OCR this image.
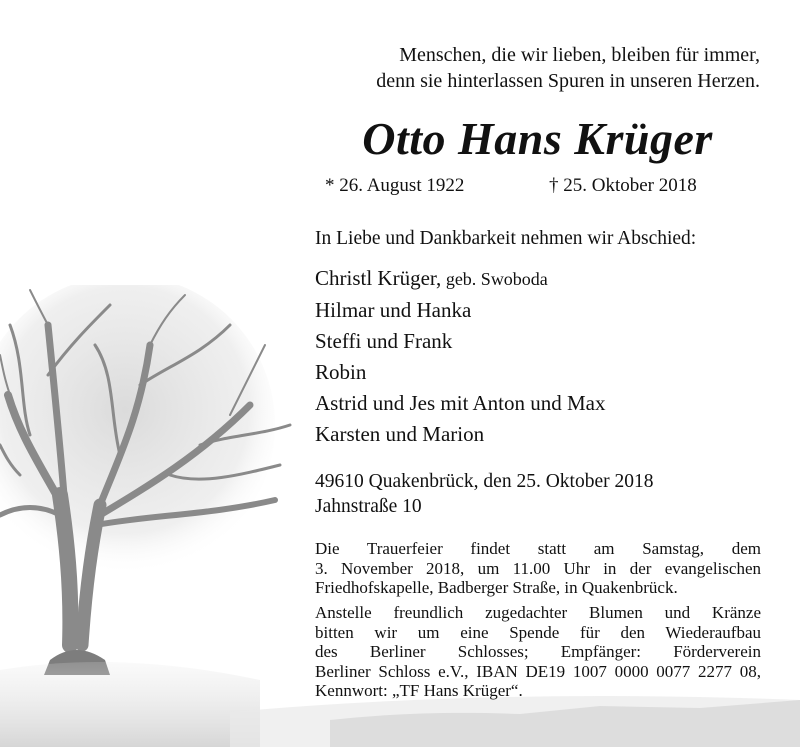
Menschen, die wir lieben, bleiben für immer,
denn sie hinterlassen Spuren in unseren Herzen.

Otto Hans Krüger

* 26. August 1922	† 25. Oktober 2018

In Liebe und Dankbarkeit nehmen wir Abschied:

Christl Krüger, geb. Swoboda
Hilmar und Hanka
Steffi und Frank
Robin
Astrid und Jes mit Anton und Max
Karsten und Marion

49610 Quakenbrück, den 25. Oktober 2018
Jahnstraße 10

Die Trauerfeier findet statt am Samstag, dem
3. November 2018, um 11.00 Uhr in der evangelischen
Friedhofskapelle, Badberger Straße, in Quakenbrück.

Anstelle freundlich zugedachter Blumen und Kränze
bitten wir um eine Spende für den Wiederaufbau
des Berliner Schlosses; Empfänger: Förderverein
Berliner Schloss e.V., IBAN DE19 1007 0000 0077 2277 08,
Kennwort: „TF Hans Krüger“.
